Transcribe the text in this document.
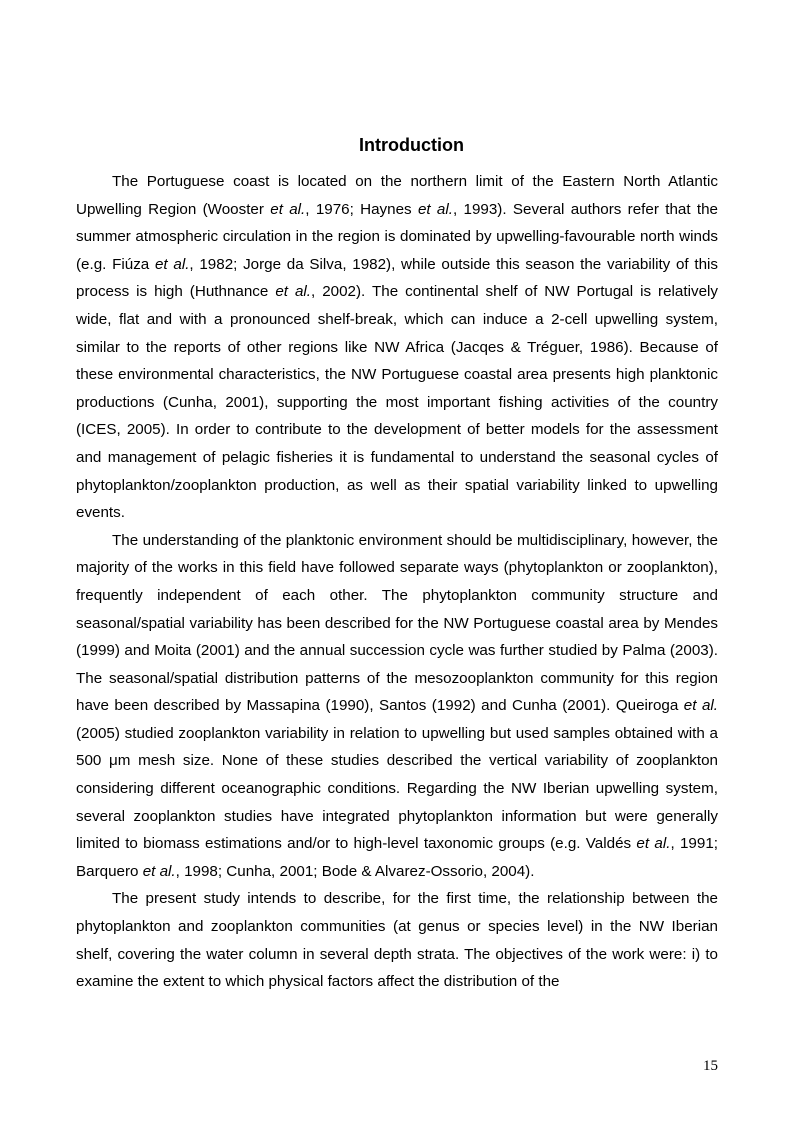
Introduction

The Portuguese coast is located on the northern limit of the Eastern North Atlantic Upwelling Region (Wooster et al., 1976; Haynes et al., 1993). Several authors refer that the summer atmospheric circulation in the region is dominated by upwelling-favourable north winds (e.g. Fiúza et al., 1982; Jorge da Silva, 1982), while outside this season the variability of this process is high (Huthnance et al., 2002). The continental shelf of NW Portugal is relatively wide, flat and with a pronounced shelf-break, which can induce a 2-cell upwelling system, similar to the reports of other regions like NW Africa (Jacqes & Tréguer, 1986). Because of these environmental characteristics, the NW Portuguese coastal area presents high planktonic productions (Cunha, 2001), supporting the most important fishing activities of the country (ICES, 2005). In order to contribute to the development of better models for the assessment and management of pelagic fisheries it is fundamental to understand the seasonal cycles of phytoplankton/zooplankton production, as well as their spatial variability linked to upwelling events.

The understanding of the planktonic environment should be multidisciplinary, however, the majority of the works in this field have followed separate ways (phytoplankton or zooplankton), frequently independent of each other. The phytoplankton community structure and seasonal/spatial variability has been described for the NW Portuguese coastal area by Mendes (1999) and Moita (2001) and the annual succession cycle was further studied by Palma (2003). The seasonal/spatial distribution patterns of the mesozooplankton community for this region have been described by Massapina (1990), Santos (1992) and Cunha (2001). Queiroga et al. (2005) studied zooplankton variability in relation to upwelling but used samples obtained with a 500 μm mesh size. None of these studies described the vertical variability of zooplankton considering different oceanographic conditions. Regarding the NW Iberian upwelling system, several zooplankton studies have integrated phytoplankton information but were generally limited to biomass estimations and/or to high-level taxonomic groups (e.g. Valdés et al., 1991; Barquero et al., 1998; Cunha, 2001; Bode & Alvarez-Ossorio, 2004).

The present study intends to describe, for the first time, the relationship between the phytoplankton and zooplankton communities (at genus or species level) in the NW Iberian shelf, covering the water column in several depth strata. The objectives of the work were: i) to examine the extent to which physical factors affect the distribution of the

15
